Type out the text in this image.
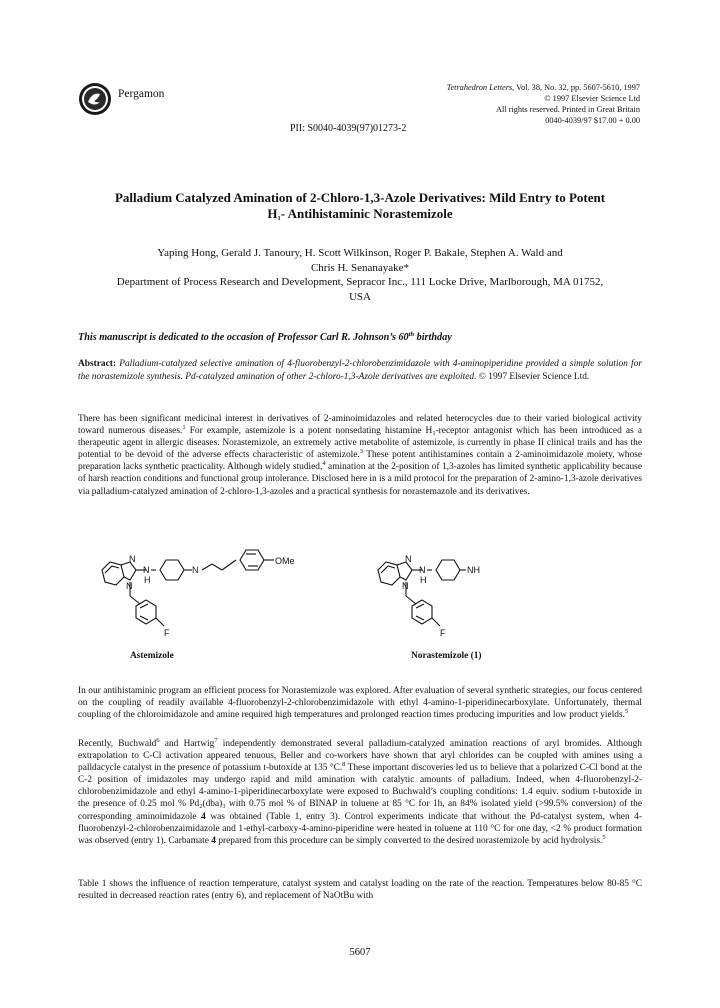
Pergamon
Tetrahedron Letters, Vol. 38, No. 32, pp. 5607-5610, 1997
© 1997 Elsevier Science Ltd
All rights reserved. Printed in Great Britain
0040-4039/97 $17.00 + 0.00
PII: S0040-4039(97)01273-2
Palladium Catalyzed Amination of 2-Chloro-1,3-Azole Derivatives: Mild Entry to Potent
$H_1-$ Antihistaminic Norastemizole
Yaping Hong, Gerald J. Tanoury, H. Scott Wilkinson, Roger P. Bakale, Stephen A. Wald and
Chris H. Senanayake*
Department of Process Research and Development, Sepracor Inc., 111 Locke Drive, Marlborough, MA 01752,
USA
This manuscript is dedicated to the occasion of Professor Carl R. Johnson’s 60th birthday
Abstract: Palladium-catalyzed selective amination of 4-fluorobenzyl-2-chlorobenzimidazole with 4-aminopiperidine provided a simple solution for the norastemizole synthesis. Pd-catalyzed amination of other 2-chloro-1,3-Azole derivatives are exploited. © 1997 Elsevier Science Ltd.

There has been significant medicinal interest in derivatives of 2-aminoimidazoles and related heterocycles due to their varied biological activity toward numerous diseases.$^1$ For example, astemizole is a potent nonsedating histamine $H_1$-receptor antagonist which has been introduced as a therapeutic agent in allergic diseases. Norastemizole, an extremely active metabolite of astemizole, is currently in phase II clinical trails and has the potential to be devoid of the adverse effects characteristic of astemizole.$^3$ These potent antihistamines contain a 2-aminoimidazole moiety, whose preparation lacks synthetic practicality. Although widely studied,$^4$ amination at the 2-position of 1,3-azoles has limited synthetic applicability because of harsh reaction conditions and functional group intolerance. Disclosed here in is a mild protocol for the preparation of 2-amino-1,3-azole derivatives via palladium-catalyzed amination of 2-chloro-1,3-azoles and a practical synthesis for norastemazole and its derivatives.

N
N
H
N
N
OMe
F
N
N
H
N
NH
F
Astemizole	Norastemizole (1)

In our antihistaminic program an efficient process for Norastemizole was explored. After evaluation of several synthetic strategies, our focus centered on the coupling of readily available 4-fluorobenzyl-2-chlorobenzimidazole with ethyl 4-amino-1-piperidinecarboxylate. Unfortunately, thermal coupling of the chloroimidazole and amine required high temperatures and prolonged reaction times producing impurities and low product yields.$^5$

Recently, Buchwald$^6$ and Hartwig$^7$ independently demonstrated several palladium-catalyzed amination reactions of aryl bromides. Although extrapolation to C-Cl activation appeared tenuous, Beller and co-workers have shown that aryl chlorides can be coupled with amines using a palldacycle catalyst in the presence of potassium t-butoxide at 135 °C.$^8$ These important discoveries led us to believe that a polarized C-Cl bond at the C-2 position of imidazoles may undergo rapid and mild amination with catalytic amounts of palladium. Indeed, when 4-fluorobenzyl-2-chlorobenzimidazole and ethyl 4-amino-1-piperidinecarboxylate were exposed to Buchwald’s coupling conditions: 1.4 equiv. sodium t-butoxide in the presence of 0.25 mol % $Pd_2(dba)_3$ with 0.75 mol % of BINAP in toluene at 85 °C for 1h, an 84% isolated yield (>99.5% conversion) of the corresponding aminoimidazole 4 was obtained (Table 1, entry 3). Control experiments indicate that without the Pd-catalyst system, when 4-fluorobenzyl-2-chlorobenzaimidazole and 1-ethyl-carboxy-4-amino-piperidine were heated in toluene at 110 °C for one day, <2 % product formation was observed (entry 1). Carbamate 4 prepared from this procedure can be simply converted to the desired norastemizole by acid hydrolysis.$^5$

Table 1 shows the influence of reaction temperature, catalyst system and catalyst loading on the rate of the reaction. Temperatures below 80-85 °C resulted in decreased reaction rates (entry 6), and replacement of NaOtBu with

5607
